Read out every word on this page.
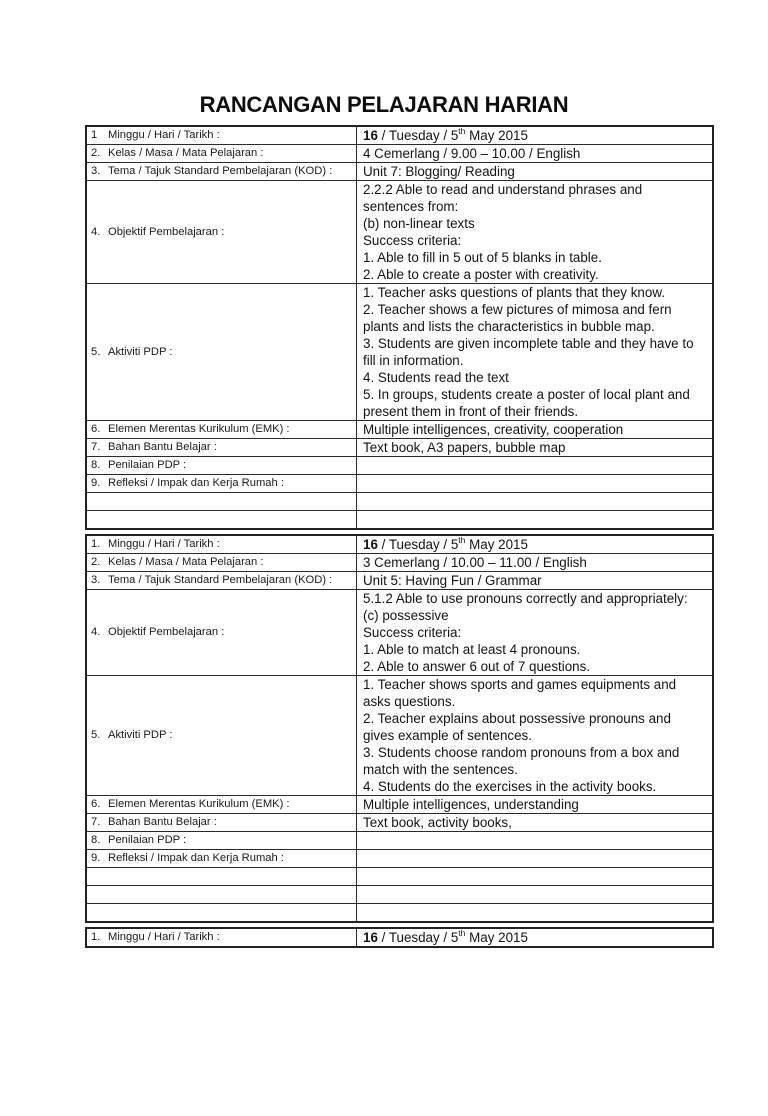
RANCANGAN PELAJARAN HARIAN
1 Minggu / Hari / Tarikh :	16 / Tuesday / 5th May 2015
2. Kelas / Masa / Mata Pelajaran :	4 Cemerlang / 9.00 – 10.00 / English
3. Tema / Tajuk Standard Pembelajaran (KOD) :	Unit 7: Blogging/ Reading
4. Objektif Pembelajaran :
2.2.2 Able to read and understand phrases and
sentences from:
(b) non-linear texts
Success criteria:
1. Able to fill in 5 out of 5 blanks in table.
2. Able to create a poster with creativity.
5. Aktiviti PDP :
1. Teacher asks questions of plants that they know.
2. Teacher shows a few pictures of mimosa and fern
plants and lists the characteristics in bubble map.
3. Students are given incomplete table and they have to
fill in information.
4. Students read the text
5. In groups, students create a poster of local plant and
present them in front of their friends.
6. Elemen Merentas Kurikulum (EMK) :	Multiple intelligences, creativity, cooperation
7. Bahan Bantu Belajar :	Text book, A3 papers, bubble map
8. Penilaian PDP :
9. Refleksi / Impak dan Kerja Rumah :
1. Minggu / Hari / Tarikh :	16 / Tuesday / 5th May 2015
2. Kelas / Masa / Mata Pelajaran :	3 Cemerlang / 10.00 – 11.00 / English
3. Tema / Tajuk Standard Pembelajaran (KOD) :	Unit 5: Having Fun / Grammar
4. Objektif Pembelajaran :
5.1.2 Able to use pronouns correctly and appropriately:
(c) possessive
Success criteria:
1. Able to match at least 4 pronouns.
2. Able to answer 6 out of 7 questions.
5. Aktiviti PDP :
1. Teacher shows sports and games equipments and
asks questions.
2. Teacher explains about possessive pronouns and
gives example of sentences.
3. Students choose random pronouns from a box and
match with the sentences.
4. Students do the exercises in the activity books.
6. Elemen Merentas Kurikulum (EMK) :	Multiple intelligences, understanding
7. Bahan Bantu Belajar :	Text book, activity books,
8. Penilaian PDP :
9. Refleksi / Impak dan Kerja Rumah :
1. Minggu / Hari / Tarikh :	16 / Tuesday / 5th May 2015
